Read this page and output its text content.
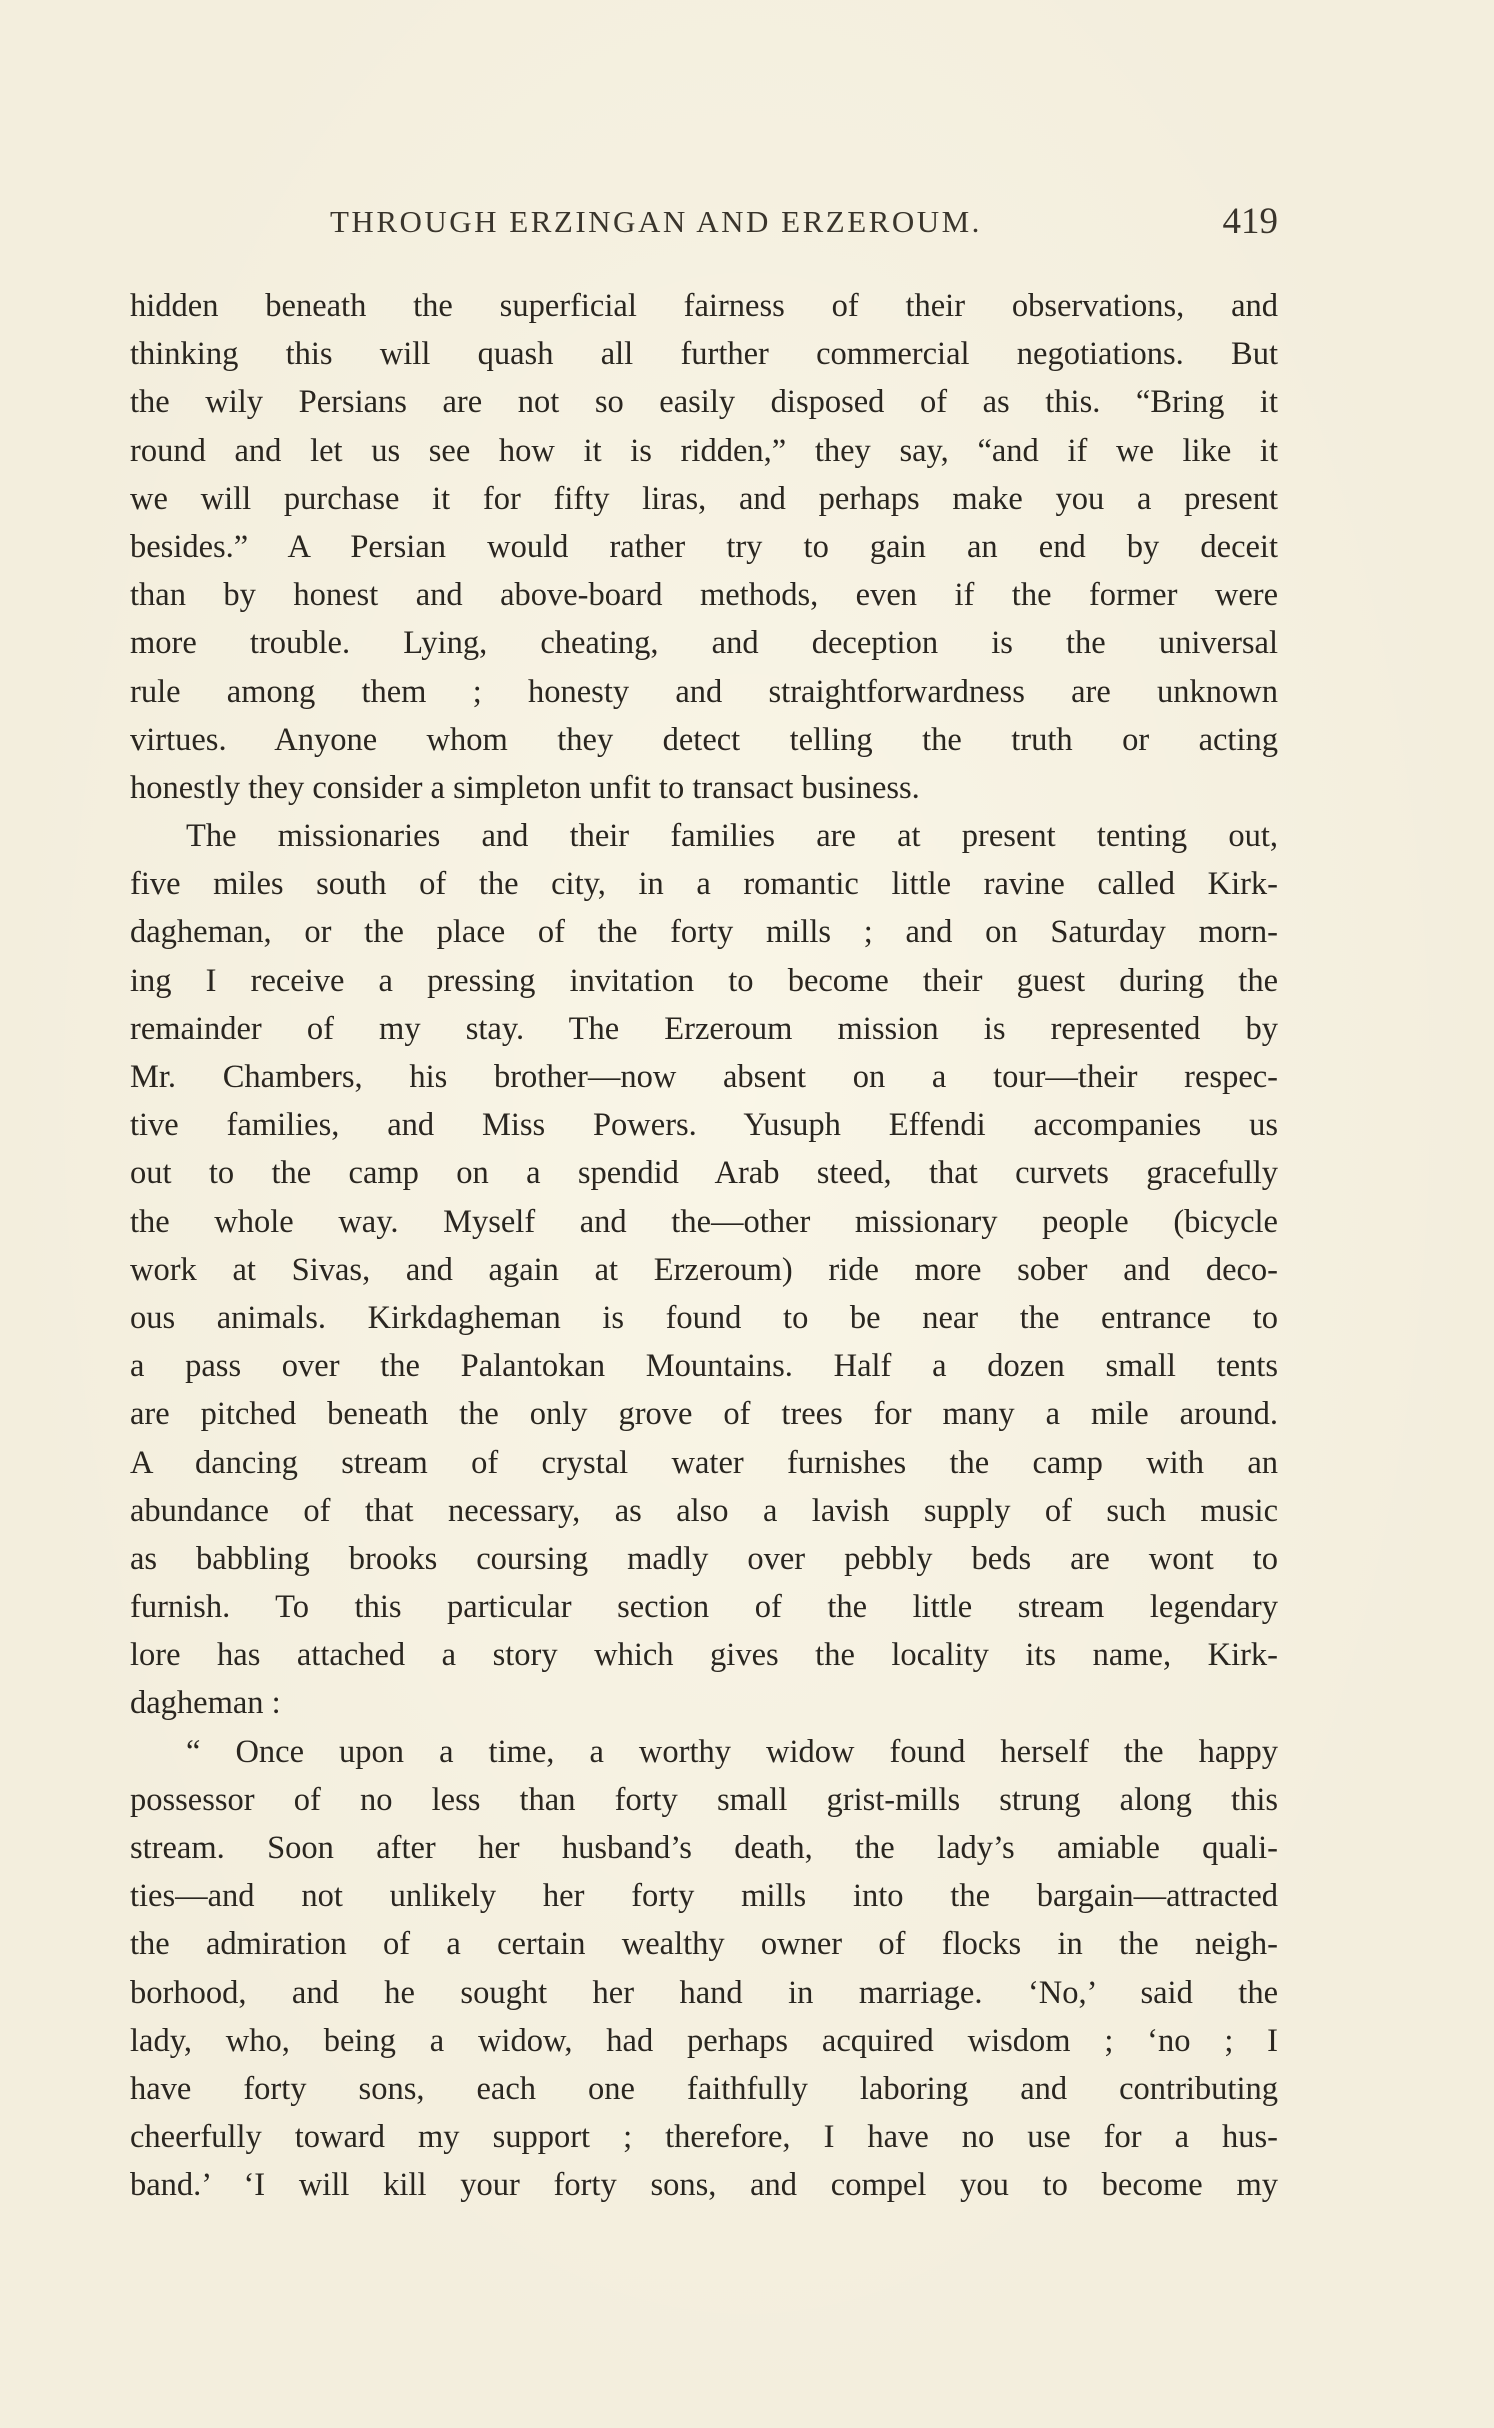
THROUGH ERZINGAN AND ERZEROUM.	419
hidden beneath the superficial fairness of their observations, and
thinking this will quash all further commercial negotiations. But
the wily Persians are not so easily disposed of as this. “Bring it
round and let us see how it is ridden,” they say, “and if we like it
we will purchase it for fifty liras, and perhaps make you a present
besides.” A Persian would rather try to gain an end by deceit
than by honest and above-board methods, even if the former were
more trouble. Lying, cheating, and deception is the universal
rule among them ; honesty and straightforwardness are unknown
virtues. Anyone whom they detect telling the truth or acting
honestly they consider a simpleton unfit to transact business.
The missionaries and their families are at present tenting out,
five miles south of the city, in a romantic little ravine called Kirk-
dagheman, or the place of the forty mills ; and on Saturday morn-
ing I receive a pressing invitation to become their guest during the
remainder of my stay. The Erzeroum mission is represented by
Mr. Chambers, his brother—now absent on a tour—their respec-
tive families, and Miss Powers. Yusuph Effendi accompanies us
out to the camp on a spendid Arab steed, that curvets gracefully
the whole way. Myself and the—other missionary people (bicycle
work at Sivas, and again at Erzeroum) ride more sober and deco-
ous animals. Kirkdagheman is found to be near the entrance to
a pass over the Palantokan Mountains. Half a dozen small tents
are pitched beneath the only grove of trees for many a mile around.
A dancing stream of crystal water furnishes the camp with an
abundance of that necessary, as also a lavish supply of such music
as babbling brooks coursing madly over pebbly beds are wont to
furnish. To this particular section of the little stream legendary
lore has attached a story which gives the locality its name, Kirk-
dagheman :
“ Once upon a time, a worthy widow found herself the happy
possessor of no less than forty small grist-mills strung along this
stream. Soon after her husband’s death, the lady’s amiable quali-
ties—and not unlikely her forty mills into the bargain—attracted
the admiration of a certain wealthy owner of flocks in the neigh-
borhood, and he sought her hand in marriage. ‘No,’ said the
lady, who, being a widow, had perhaps acquired wisdom ; ‘no ; I
have forty sons, each one faithfully laboring and contributing
cheerfully toward my support ; therefore, I have no use for a hus-
band.’ ‘I will kill your forty sons, and compel you to become my
